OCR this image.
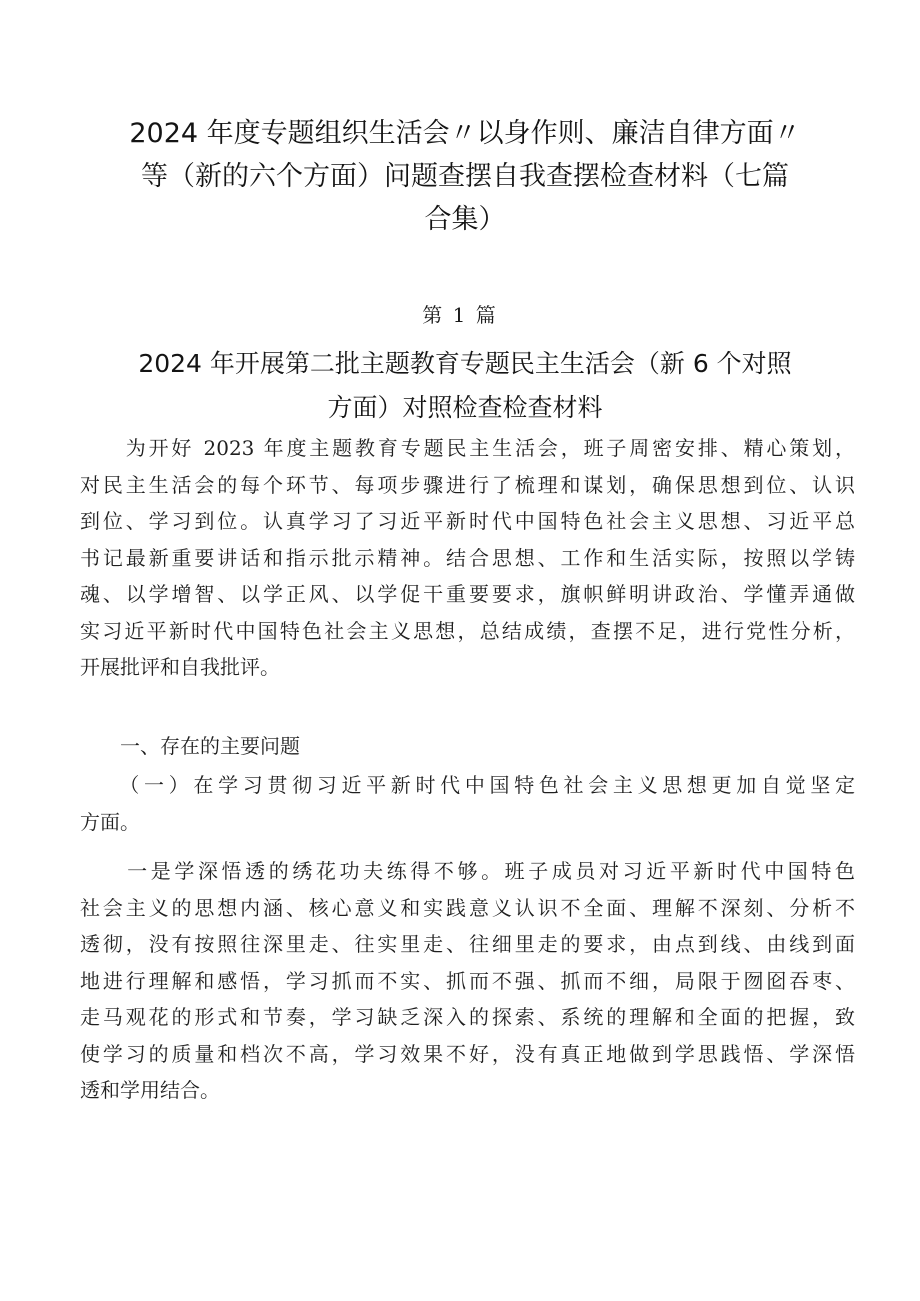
2024 年度专题组织生活会〃以身作则、廉洁自律方面〃
等（新的六个方面）问题查摆自我查摆检查材料（七篇
合集）
第 1 篇
2024 年开展第二批主题教育专题民主生活会（新 6 个对照
方面）对照检查检查材料
　　为开好 2023 年度主题教育专题民主生活会，班子周密安排、精心策划，
对民主生活会的每个环节、每项步骤进行了梳理和谋划，确保思想到位、认识
到位、学习到位。认真学习了习近平新时代中国特色社会主义思想、习近平总
书记最新重要讲话和指示批示精神。结合思想、工作和生活实际，按照以学铸
魂、以学增智、以学正风、以学促干重要要求，旗帜鲜明讲政治、学懂弄通做
实习近平新时代中国特色社会主义思想，总结成绩，查摆不足，进行党性分析，
开展批评和自我批评。
　　一、存在的主要问题
　　（一）在学习贯彻习近平新时代中国特色社会主义思想更加自觉坚定
方面。
　　一是学深悟透的绣花功夫练得不够。班子成员对习近平新时代中国特色
社会主义的思想内涵、核心意义和实践意义认识不全面、理解不深刻、分析不
透彻，没有按照往深里走、往实里走、往细里走的要求，由点到线、由线到面
地进行理解和感悟，学习抓而不实、抓而不强、抓而不细，局限于囫囵吞枣、
走马观花的形式和节奏，学习缺乏深入的探索、系统的理解和全面的把握，致
使学习的质量和档次不高，学习效果不好，没有真正地做到学思践悟、学深悟
透和学用结合。
